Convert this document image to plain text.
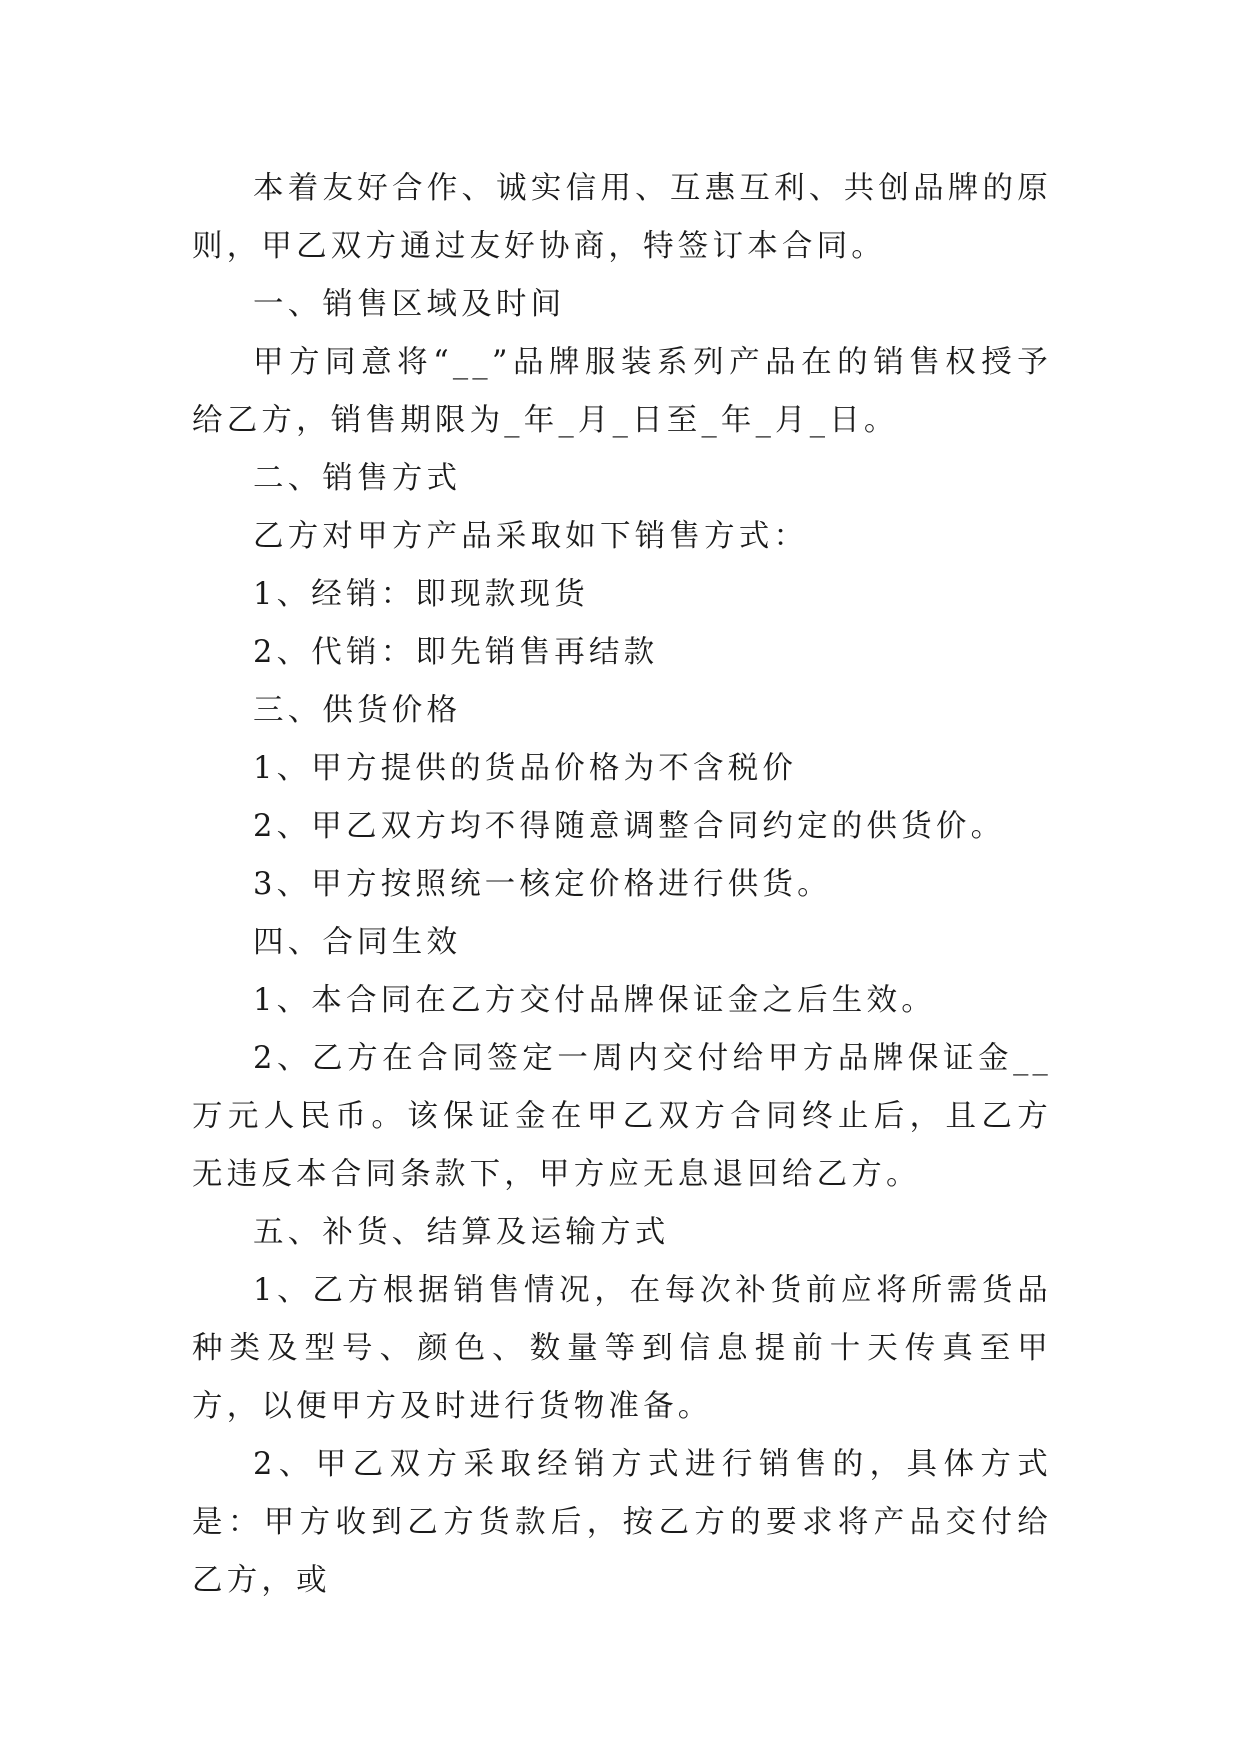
本着友好合作、诚实信用、互惠互利、共创品牌的原则，甲乙双方通过友好协商，特签订本合同。

一、销售区域及时间

甲方同意将“__”品牌服装系列产品在的销售权授予给乙方，销售期限为_年_月_日至_年_月_日。

二、销售方式

乙方对甲方产品采取如下销售方式：

1、经销：即现款现货

2、代销：即先销售再结款

三、供货价格

1、甲方提供的货品价格为不含税价

2、甲乙双方均不得随意调整合同约定的供货价。

3、甲方按照统一核定价格进行供货。

四、合同生效

1、本合同在乙方交付品牌保证金之后生效。

2、乙方在合同签定一周内交付给甲方品牌保证金__万元人民币。该保证金在甲乙双方合同终止后，且乙方无违反本合同条款下，甲方应无息退回给乙方。

五、补货、结算及运输方式

1、乙方根据销售情况，在每次补货前应将所需货品种类及型号、颜色、数量等到信息提前十天传真至甲方，以便甲方及时进行货物准备。

2、甲乙双方采取经销方式进行销售的，具体方式是：甲方收到乙方货款后，按乙方的要求将产品交付给乙方，或
